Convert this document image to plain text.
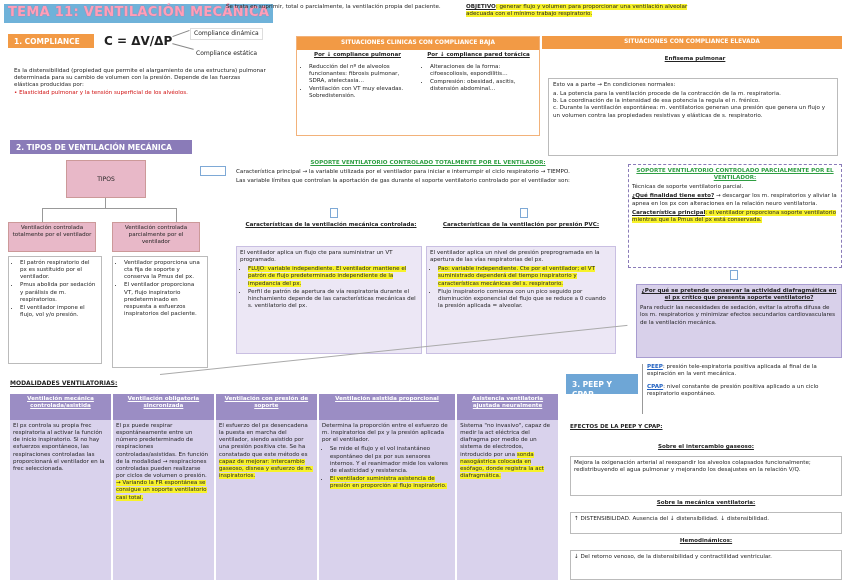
TEMA 11: VENTILACIÓN MECÁNICA
Se trata en suprimir, total o parcialmente, la ventilación propia del paciente.	OBJETIVO: generar flujo y volumen para proporcionar una ventilación alveolar adecuada con el mínimo trabajo respiratorio.
1. COMPLIANCE	C = ΔV/ΔP
Compliance dinámica
Compliance estática
Es la distensibilidad (propiedad que permite el alargamiento de una estructura) pulmonar determinada para su cambio de volumen con la presión. Depende de las fuerzas elásticas producidas por:
• Elasticidad pulmonar y la tensión superficial de los alvéolos.
SITUACIONES CLINICAS CON COMPLIANCE BAJA
Por ↓ compliance pulmonar
• Reducción del nº de alveolos funcionantes: fibrosis pulmonar, SDRA, atelectasia…
• Ventilación con VT muy elevadas. Sobredistensión.
Por ↓ compliance pared torácica
• Alteraciones de la forma: cifoescoliosis, espondilitis…
• Compresión: obesidad, ascitis, distensión abdominal…
SITUACIONES CON COMPLIANCE ELEVADA
Enfisema pulmonar
Esto va a parte → En condiciones normales:
a. La potencia para la ventilación procede de la contracción de la m. respiratoria.
b. La coordinación de la intensidad de esa potencia la regula el n. frénico.
c. Durante la ventilación espontánea: m. ventilatorios generan una presión que genera un flujo y un volumen contra las propiedades resistivas y elásticas de s. respiratorio.
2. TIPOS DE VENTILACIÓN MECÁNICA
TIPOS
Ventilación controlada totalmente por el ventilador
Ventilación controlada parcialmente por el ventilador
• El patrón respiratorio del px es sustituido por el ventilador.
• Pmus abolida por sedación y parálisis de m. respiratorios.
• El ventilador impone el flujo, vol y/o presión.
• Ventilador proporciona una cta fija de soporte y conserva la Pmus del px.
• El ventilador proporciona VT, flujo inspiratorio predeterminado en respuesta a esfuerzos inspiratorios del paciente.
SOPORTE VENTILATORIO CONTROLADO TOTALMENTE POR EL VENTILADOR:
Característica principal → la variable utilizada por el ventilador para iniciar e interrumpir el ciclo respiratorio → TIEMPO.
Las variable límites que controlan la aportación de gas durante el soporte ventilatorio controlado por el ventilador son:
Características de la ventilación mecánica controlada:	Características de la ventilación por presión PVC:
El ventilador aplica un flujo cte para suministrar un VT programado.
• FLUJO: variable independiente. El ventilador mantiene el patrón de flujo predeterminado independiente de la impedancia del px.
• Perfil de patrón de apertura de vía respiratoria durante el hinchamiento depende de las características mecánicas del s. ventilatorio del px.
El ventilador aplica un nivel de presión preprogramada en la apertura de las vías respiratorias del px.
• Pao: variable independiente. Cte por el ventilador; el VT suministrado dependerá del tiempo inspiratorio y características mecánicas del s. respiratorio.
• Flujo inspiratorio comienza con un pico seguido por disminución exponencial del flujo que se reduce a 0 cuando la presión aplicada = alveolar.
SOPORTE VENTILATORIO CONTROLADO PARCIALMENTE POR EL VENTILADOR:
Técnicas de soporte ventilatorio parcial.
¿Qué finalidad tiene esto? → descargar los m. respiratorios y aliviar la apnea en los px con alteraciones en la relación neuro ventilatoria.
Característica principal: el ventilador proporciona soporte ventilatorio mientras que la Pmus del px está conservada.
¿Por qué se pretende conservar la actividad diafragmática en el px crítico que presenta soporte ventilatorio?
Para reducir las necesidades de sedación, evitar la atrofia difusa de los m. respiratorios y minimizar efectos secundarios cardiovasculares de la ventilación mecánica.
MODALIDADES VENTILATORIAS:
Ventilación mecánica controlada/asistida
El px controla su propia frec respiratoria al activar la función de inicio inspiratorio. Si no hay esfuerzos espontáneos, las respiraciones controladas las proporcionará el ventilador en la frec seleccionada.
Ventilación obligatoria sincronizada
El px puede respirar espontáneamente entre un número predeterminado de respiraciones controladas/asistidas. En función de la modalidad → respiraciones controladas pueden realizarse por ciclos de volumen o presión. → Variando la FR espontánea se consigue un soporte ventilatorio casi total.
Ventilación con presión de soporte
El esfuerzo del px desencadena la puesta en marcha del ventilador, siendo asistido por una presión positiva cte. Se ha constatado que este método es capaz de mejorar: intercambio gaseoso, disnea y esfuerzo de m. inspiratorios.
Ventilación asistida proporcional
Determina la proporción entre el esfuerzo de m. inspiratorios del px y la presión aplicada por el ventilador.
• Se mide el flujo y el vol instantáneo espontáneo del px por sus sensores internos. Y el reanimador mide los valores de elasticidad y resistencia.
• El ventilador suministra asistencia de presión en proporción al flujo inspiratorio.
Asistencia ventilatoria ajustada neuralmente
Sistema "no invasivo", capaz de medir la act eléctrica del diafragma por medio de un sistema de electrodos, introducido por una sonda nasogástrica colocada en esófago, donde registra la act diafragmática.
3. PEEP Y CPAP
PEEP: presión tele-espiratoria positiva aplicada al final de la espiración en la vent mecánica.
CPAP: nivel constante de presión positiva aplicado a un ciclo respiratorio espontáneo.
EFECTOS DE LA PEEP Y CPAP:
Sobre el intercambio gaseoso:
Mejora la oxigenación arterial al reexpandir los alveolos colapsados funcionalmente; redistribuyendo el agua pulmonar y mejorando los desajustes en la relación V/Q.
Sobre la mecánica ventilatoria:
↑ DISTENSIBILIDAD. Ausencia del ↓ distensibilidad. ↓ distensibilidad.
Hemodinámicos:
↓ Del retorno venoso, de la distensibilidad y contractilidad ventricular.
